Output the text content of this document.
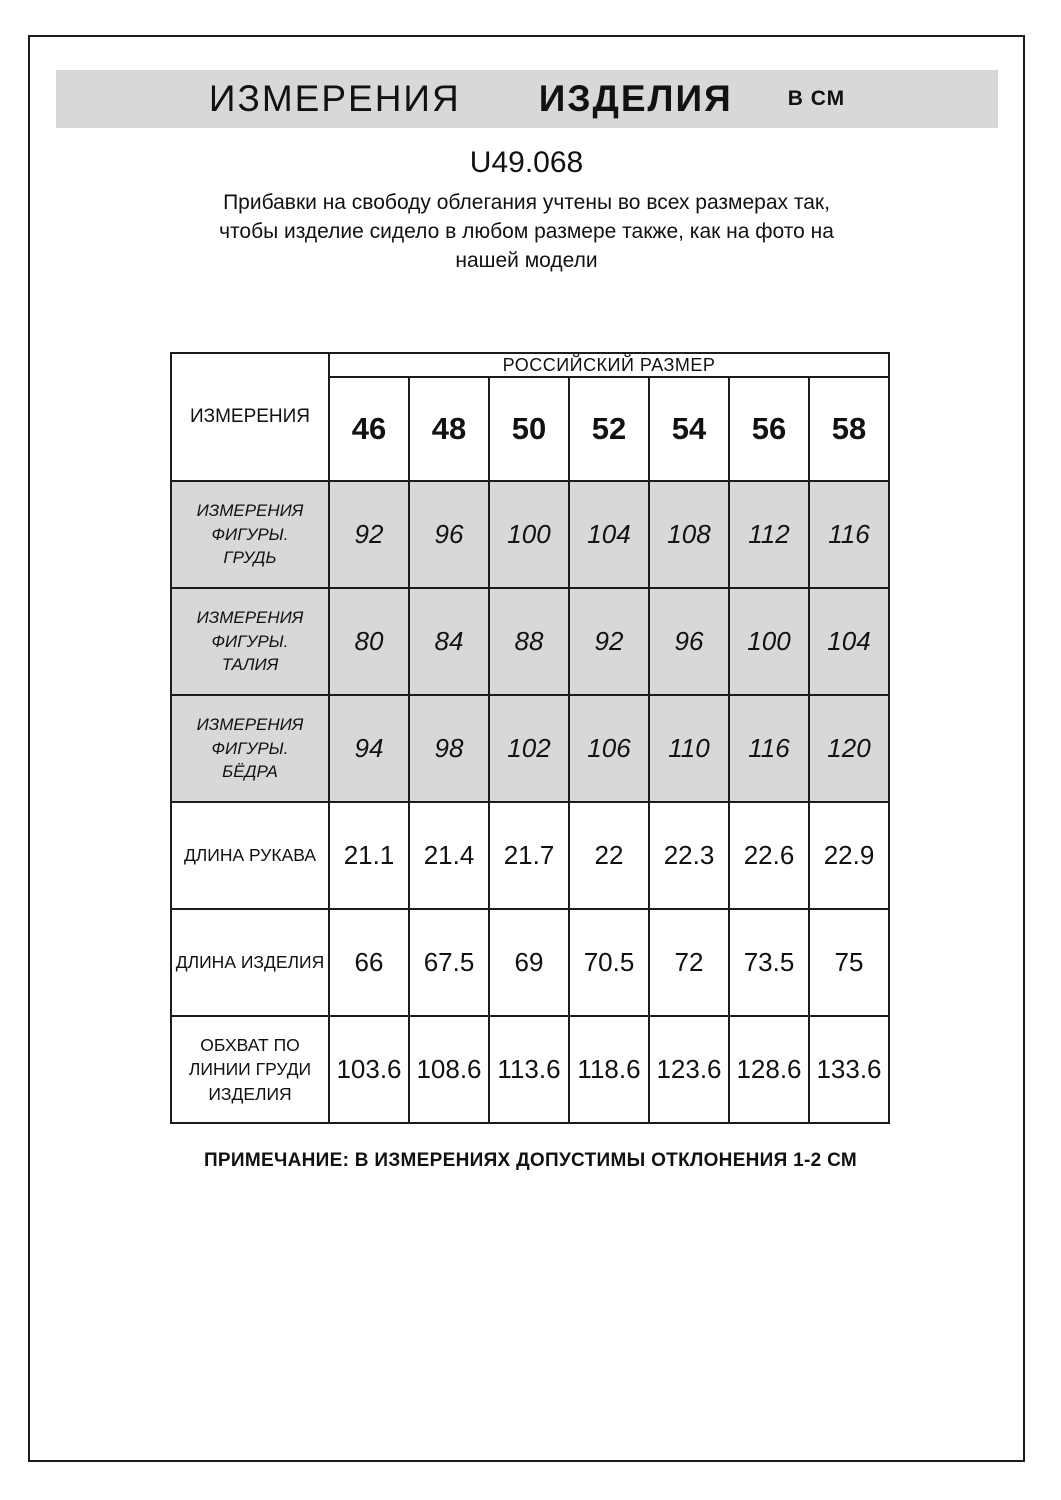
ИЗМЕРЕНИЯ ИЗДЕЛИЯ	В СМ
U49.068
Прибавки на свободу облегания учтены во всех размерах так,
чтобы изделие сидело в любом размере также, как на фото на
нашей модели
ИЗМЕРЕНИЯ	РОССИЙСКИЙ РАЗМЕР						
	46	48	50	52	54	56	58
ИЗМЕРЕНИЯ ФИГУРЫ. ГРУДЬ	92	96	100	104	108	112	116
ИЗМЕРЕНИЯ ФИГУРЫ. ТАЛИЯ	80	84	88	92	96	100	104
ИЗМЕРЕНИЯ ФИГУРЫ. БЁДРА	94	98	102	106	110	116	120
ДЛИНА РУКАВА	21.1	21.4	21.7	22	22.3	22.6	22.9
ДЛИНА ИЗДЕЛИЯ	66	67.5	69	70.5	72	73.5	75
ОБХВАТ ПО ЛИНИИ ГРУДИ ИЗДЕЛИЯ	103.6	108.6	113.6	118.6	123.6	128.6	133.6
ПРИМЕЧАНИЕ: В ИЗМЕРЕНИЯХ ДОПУСТИМЫ ОТКЛОНЕНИЯ 1-2 СМ
